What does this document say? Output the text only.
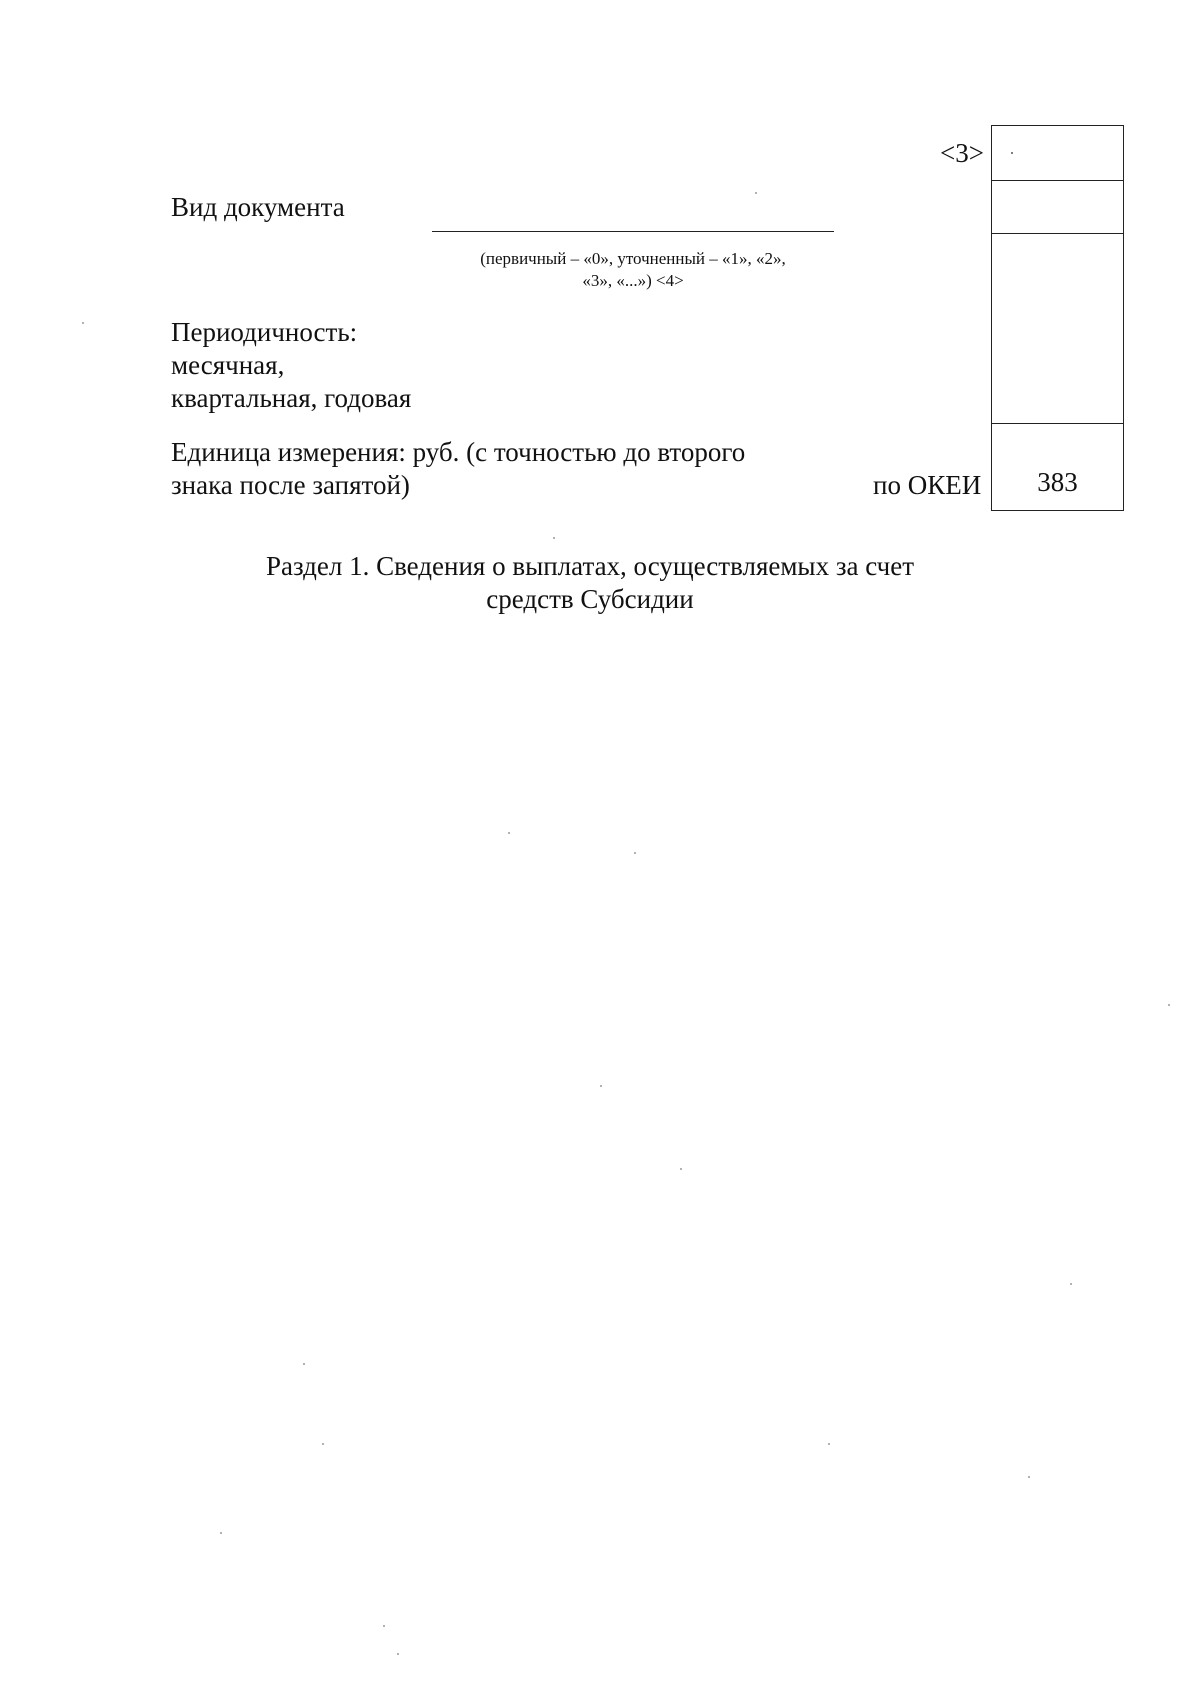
<3>
383
Вид документа
(первичный – «0», уточненный – «1», «2»,
«3», «...») <4>
Периодичность:
месячная,
квартальная, годовая
Единица измерения: руб. (с точностью до второго
знака после запятой)	по ОКЕИ
Раздел 1. Сведения о выплатах, осуществляемых за счет
средств Субсидии
